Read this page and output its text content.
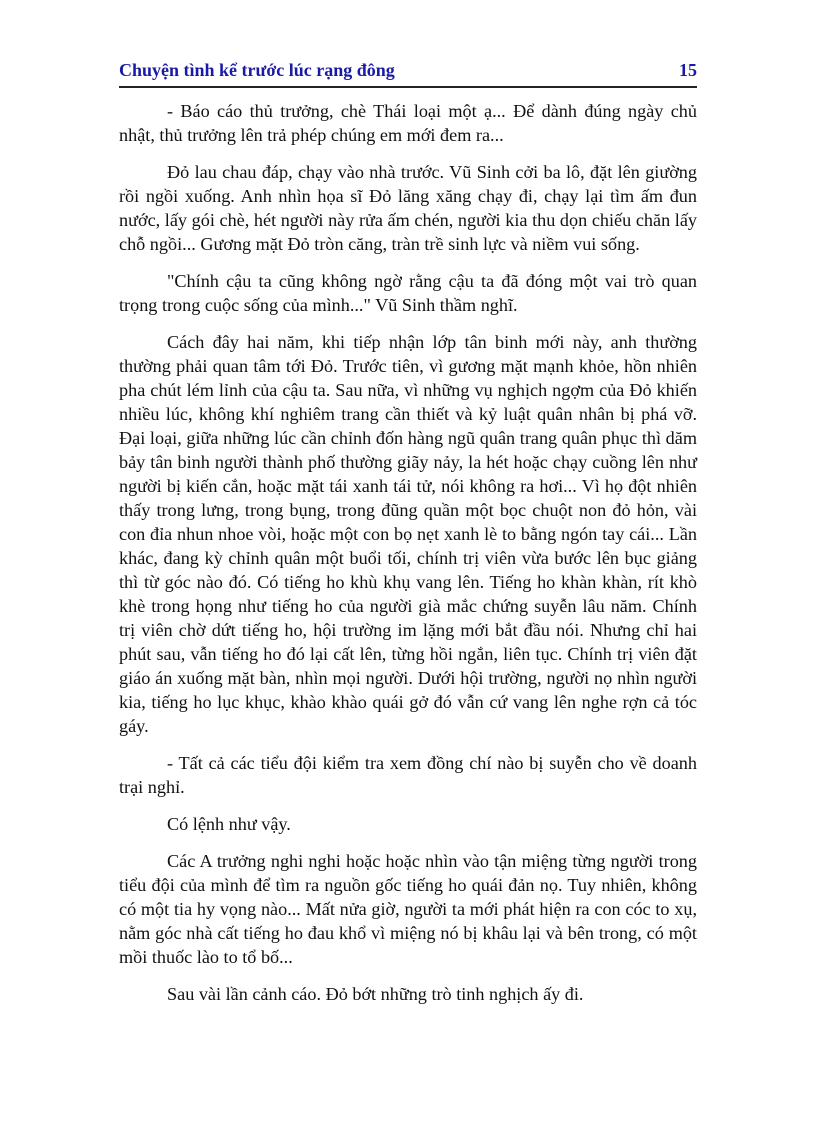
Chuyện tình kể trước lúc rạng đông	15

- Báo cáo thủ trưởng, chè Thái loại một ạ... Để dành đúng ngày chủ nhật, thủ trưởng lên trả phép chúng em mới đem ra...

Đỏ lau chau đáp, chạy vào nhà trước. Vũ Sinh cởi ba lô, đặt lên giường rồi ngồi xuống. Anh nhìn họa sĩ Đỏ lăng xăng chạy đi, chạy lại tìm ấm đun nước, lấy gói chè, hét người này rửa ấm chén, người kia thu dọn chiếu chăn lấy chỗ ngồi... Gương mặt Đỏ tròn căng, tràn trề sinh lực và niềm vui sống.

"Chính cậu ta cũng không ngờ rằng cậu ta đã đóng một vai trò quan trọng trong cuộc sống của mình..." Vũ Sinh thầm nghĩ.

Cách đây hai năm, khi tiếp nhận lớp tân binh mới này, anh thường thường phải quan tâm tới Đỏ. Trước tiên, vì gương mặt mạnh khỏe, hồn nhiên pha chút lém lỉnh của cậu ta. Sau nữa, vì những vụ nghịch ngợm của Đỏ khiến nhiều lúc, không khí nghiêm trang cần thiết và kỷ luật quân nhân bị phá vỡ. Đại loại, giữa những lúc cần chỉnh đốn hàng ngũ quân trang quân phục thì dăm bảy tân binh người thành phố thường giãy nảy, la hét hoặc chạy cuồng lên như người bị kiến cắn, hoặc mặt tái xanh tái tử, nói không ra hơi... Vì họ đột nhiên thấy trong lưng, trong bụng, trong đũng quần một bọc chuột non đỏ hỏn, vài con đỉa nhun nhoe vòi, hoặc một con bọ nẹt xanh lè to bằng ngón tay cái... Lần khác, đang kỳ chỉnh quân một buổi tối, chính trị viên vừa bước lên bục giảng thì từ góc nào đó. Có tiếng ho khù khụ vang lên. Tiếng ho khàn khàn, rít khò khè trong họng như tiếng ho của người già mắc chứng suyễn lâu năm. Chính trị viên chờ dứt tiếng ho, hội trường im lặng mới bắt đầu nói. Nhưng chỉ hai phút sau, vẫn tiếng ho đó lại cất lên, từng hồi ngắn, liên tục. Chính trị viên đặt giáo án xuống mặt bàn, nhìn mọi người. Dưới hội trường, người nọ nhìn người kia, tiếng ho lục khục, khào khào quái gở đó vẫn cứ vang lên nghe rợn cả tóc gáy.

- Tất cả các tiểu đội kiểm tra xem đồng chí nào bị suyễn cho về doanh trại nghỉ.

Có lệnh như vậy.

Các A trưởng nghi nghi hoặc hoặc nhìn vào tận miệng từng người trong tiểu đội của mình để tìm ra nguồn gốc tiếng ho quái đản nọ. Tuy nhiên, không có một tia hy vọng nào... Mất nửa giờ, người ta mới phát hiện ra con cóc to xụ, nằm góc nhà cất tiếng ho đau khổ vì miệng nó bị khâu lại và bên trong, có một mồi thuốc lào to tổ bố...

Sau vài lần cảnh cáo. Đỏ bớt những trò tinh nghịch ấy đi.
